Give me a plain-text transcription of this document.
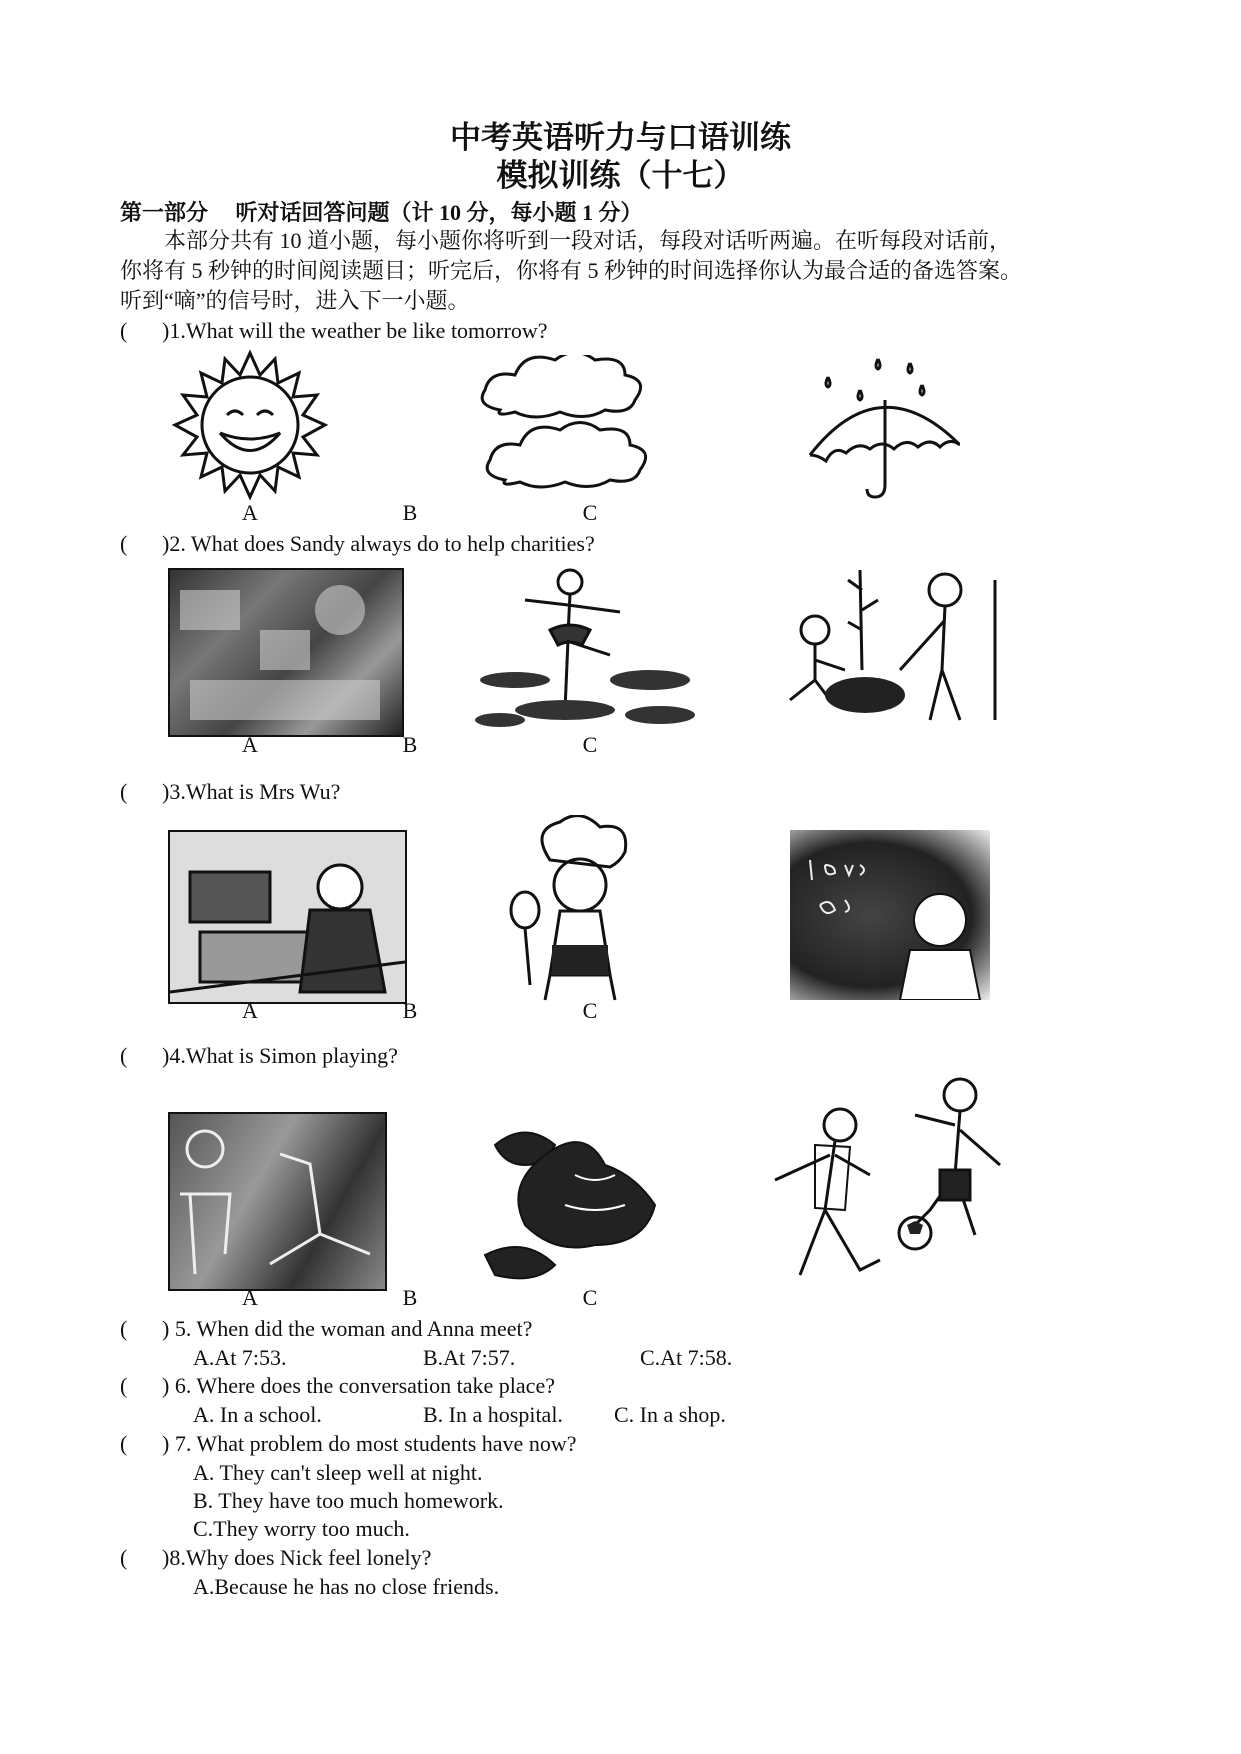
中考英语听力与口语训练
模拟训练（十七）
第一部分　 听对话回答问题（计 10 分，每小题 1 分）
本部分共有 10 道小题，每小题你将听到一段对话，每段对话听两遍。在听每段对话前，
你将有 5 秒钟的时间阅读题目；听完后，你将有 5 秒钟的时间选择你认为最合适的备选答案。
听到“嘀”的信号时，进入下一小题。
( )1.What will the weather be like tomorrow?
A	B	C
( )2. What does Sandy always do to help charities?
A	B	C
( )3.What is Mrs Wu?
A	B	C
( )4.What is Simon playing?
A	B	C
( ) 5. When did the woman and Anna meet?
A.At 7:53.	B.At 7:57.	C.At 7:58.
( ) 6. Where does the conversation take place?
A. In a school.	B. In a hospital. C. In a shop.
( ) 7. What problem do most students have now?
A. They can't sleep well at night.
B. They have too much homework.
C.They worry too much.
( )8.Why does Nick feel lonely?
A.Because he has no close friends.
